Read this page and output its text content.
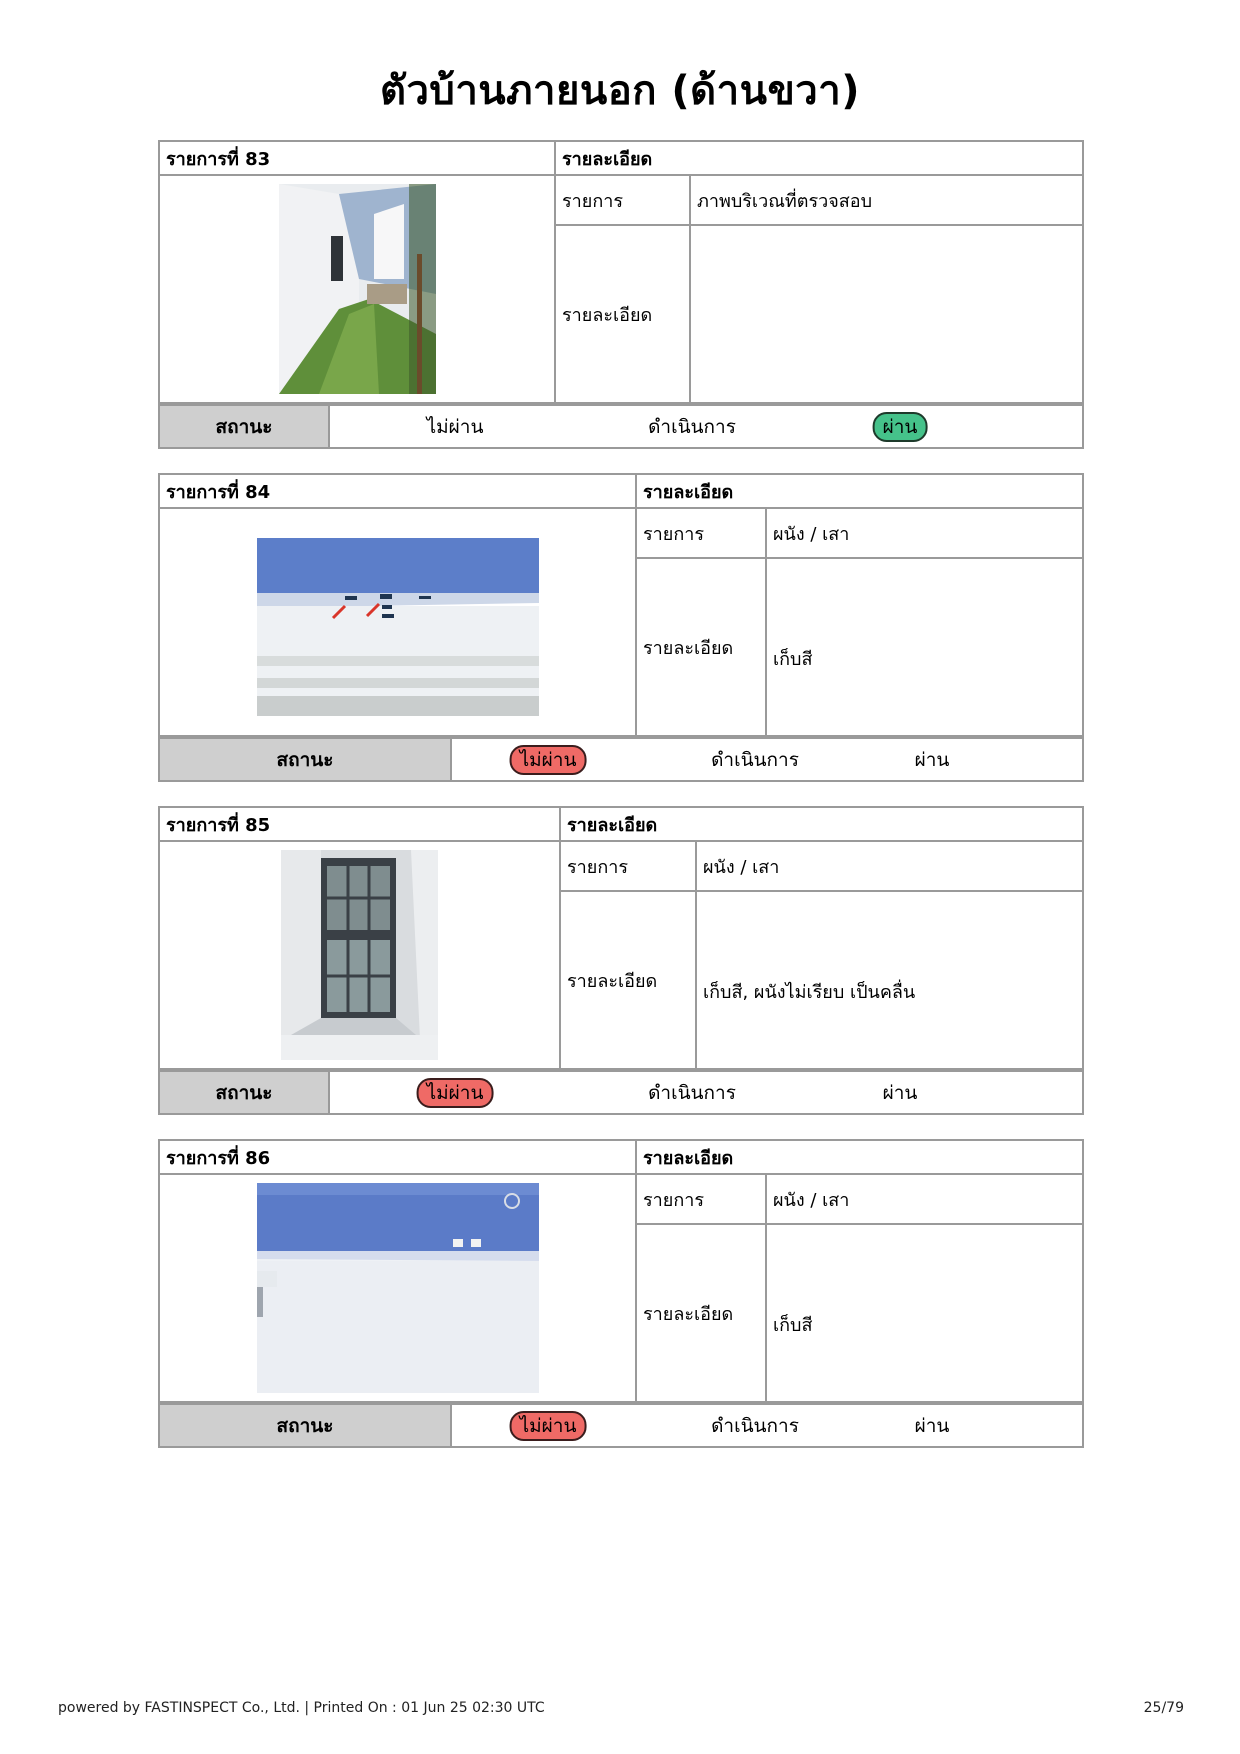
ตัวบ้านภายนอก (ด้านขวา)
รายการที่ 83	รายละเอียด	
	รายการ	ภาพบริเวณที่ตรวจสอบ
	รายละเอียด	
สถานะ	ไม่ผ่าน	ดำเนินการ	ผ่าน
รายการที่ 84	รายละเอียด	
	รายการ	ผนัง / เสา
	รายละเอียด	เก็บสี
สถานะ	ไม่ผ่าน	ดำเนินการ	ผ่าน
รายการที่ 85	รายละเอียด	
	รายการ	ผนัง / เสา
	รายละเอียด	เก็บสี, ผนังไม่เรียบ เป็นคลื่น
สถานะ	ไม่ผ่าน	ดำเนินการ	ผ่าน
รายการที่ 86	รายละเอียด	
	รายการ	ผนัง / เสา
	รายละเอียด	เก็บสี
สถานะ	ไม่ผ่าน	ดำเนินการ	ผ่าน
powered by FASTINSPECT Co., Ltd. | Printed On : 01 Jun 25 02:30 UTC	25/79
